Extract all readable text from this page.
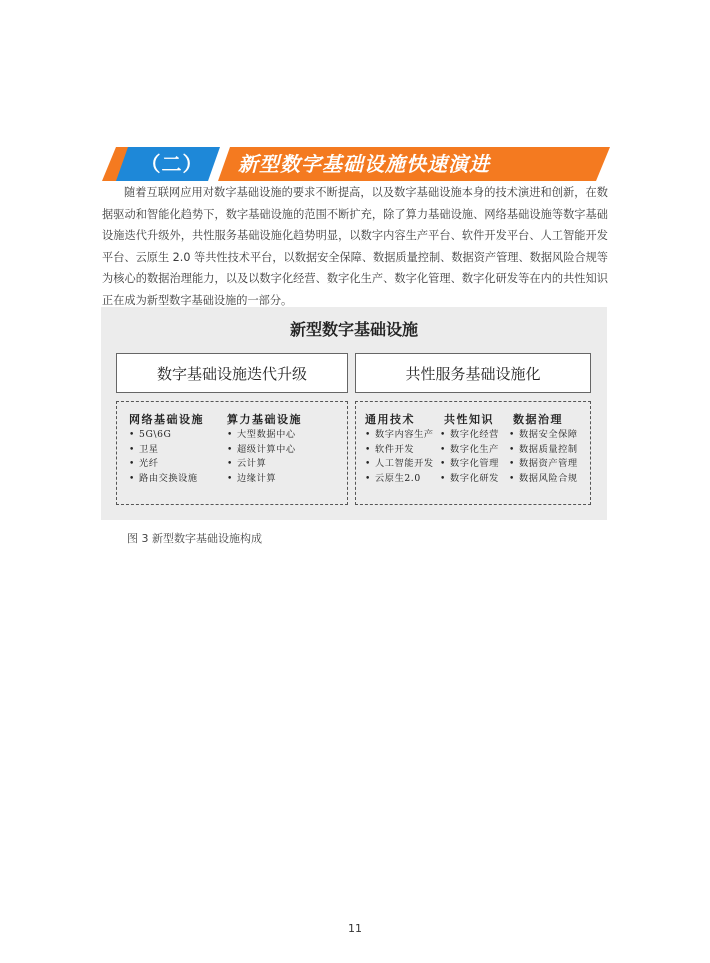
（二）	新型数字基础设施快速演进

随着互联网应用对数字基础设施的要求不断提高，以及数字基础设施本身的技术演进和创新，在数据驱动和智能化趋势下，数字基础设施的范围不断扩充，除了算力基础设施、网络基础设施等数字基础设施迭代升级外，共性服务基础设施化趋势明显，以数字内容生产平台、软件开发平台、人工智能开发平台、云原生 2.0 等共性技术平台，以数据安全保障、数据质量控制、数据资产管理、数据风险合规等为核心的数据治理能力，以及以数字化经营、数字化生产、数字化管理、数字化研发等在内的共性知识正在成为新型数字基础设施的一部分。

新型数字基础设施
数字基础设施迭代升级	共性服务基础设施化
网络基础设施
• 5G\6G
• 卫星
• 光纤
• 路由交换设施
算力基础设施
• 大型数据中心
• 超级计算中心
• 云计算
• 边缘计算
通用技术
• 数字内容生产
• 软件开发
• 人工智能开发
• 云原生2.0
共性知识
• 数字化经营
• 数字化生产
• 数字化管理
• 数字化研发
数据治理
• 数据安全保障
• 数据质量控制
• 数据资产管理
• 数据风险合规

图 3 新型数字基础设施构成

11
